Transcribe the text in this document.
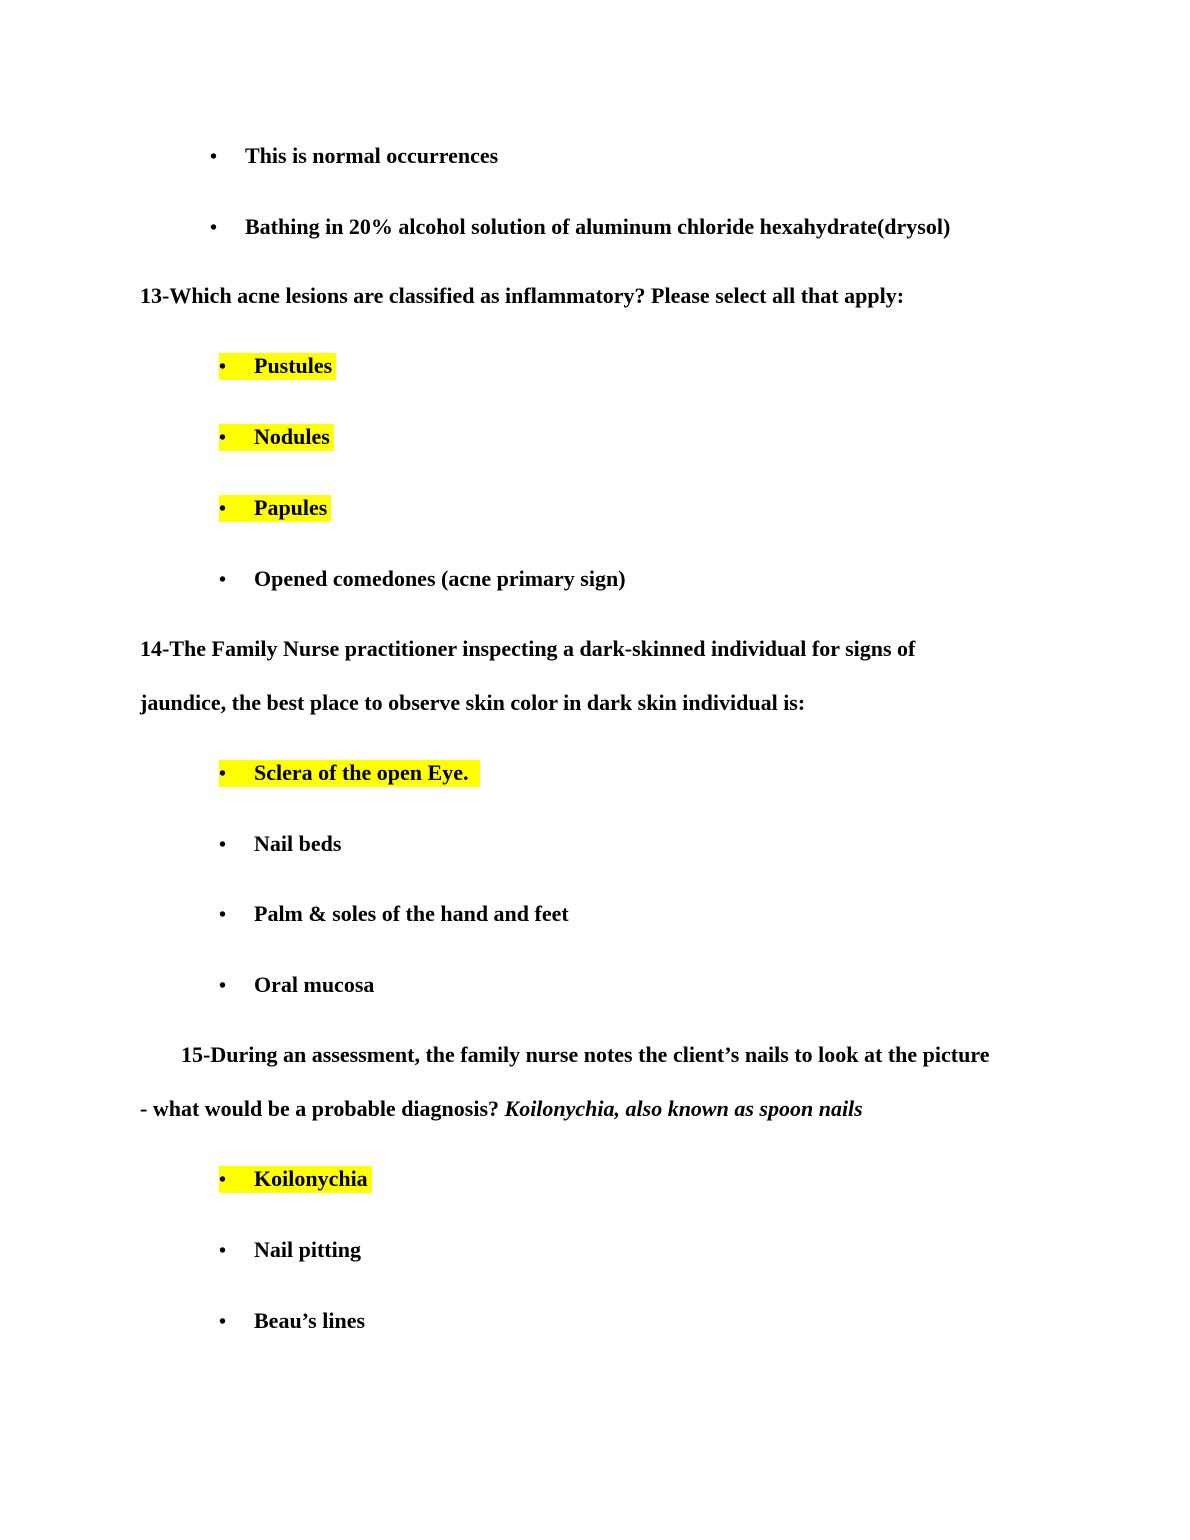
• This is normal occurrences
• Bathing in 20% alcohol solution of aluminum chloride hexahydrate(drysol)
13-Which acne lesions are classified as inflammatory? Please select all that apply:
• Pustules
• Nodules
• Papules
• Opened comedones (acne primary sign)
14-The Family Nurse practitioner inspecting a dark-skinned individual for signs of
jaundice, the best place to observe skin color in dark skin individual is:
• Sclera of the open Eye.
• Nail beds
• Palm & soles of the hand and feet
• Oral mucosa
15-During an assessment, the family nurse notes the client’s nails to look at the picture
- what would be a probable diagnosis? Koilonychia, also known as spoon nails
• Koilonychia
• Nail pitting
• Beau’s lines
